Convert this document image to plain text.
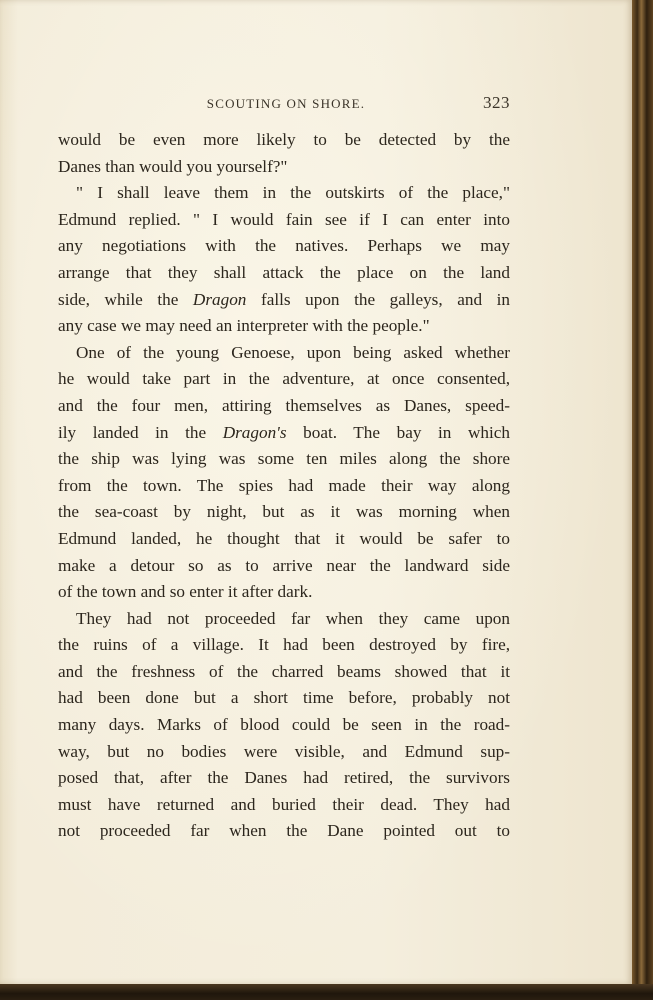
SCOUTING ON SHORE.	323
would be even more likely to be detected by the
Danes than would you yourself?"
" I shall leave them in the outskirts of the place,"
Edmund replied. " I would fain see if I can enter into
any negotiations with the natives. Perhaps we may
arrange that they shall attack the place on the land
side, while the Dragon falls upon the galleys, and in
any case we may need an interpreter with the people."
One of the young Genoese, upon being asked whether
he would take part in the adventure, at once consented,
and the four men, attiring themselves as Danes, speed-
ily landed in the Dragon's boat. The bay in which
the ship was lying was some ten miles along the shore
from the town. The spies had made their way along
the sea-coast by night, but as it was morning when
Edmund landed, he thought that it would be safer to
make a detour so as to arrive near the landward side
of the town and so enter it after dark.
They had not proceeded far when they came upon
the ruins of a village. It had been destroyed by fire,
and the freshness of the charred beams showed that it
had been done but a short time before, probably not
many days. Marks of blood could be seen in the road-
way, but no bodies were visible, and Edmund sup-
posed that, after the Danes had retired, the survivors
must have returned and buried their dead. They had
not proceeded far when the Dane pointed out to
